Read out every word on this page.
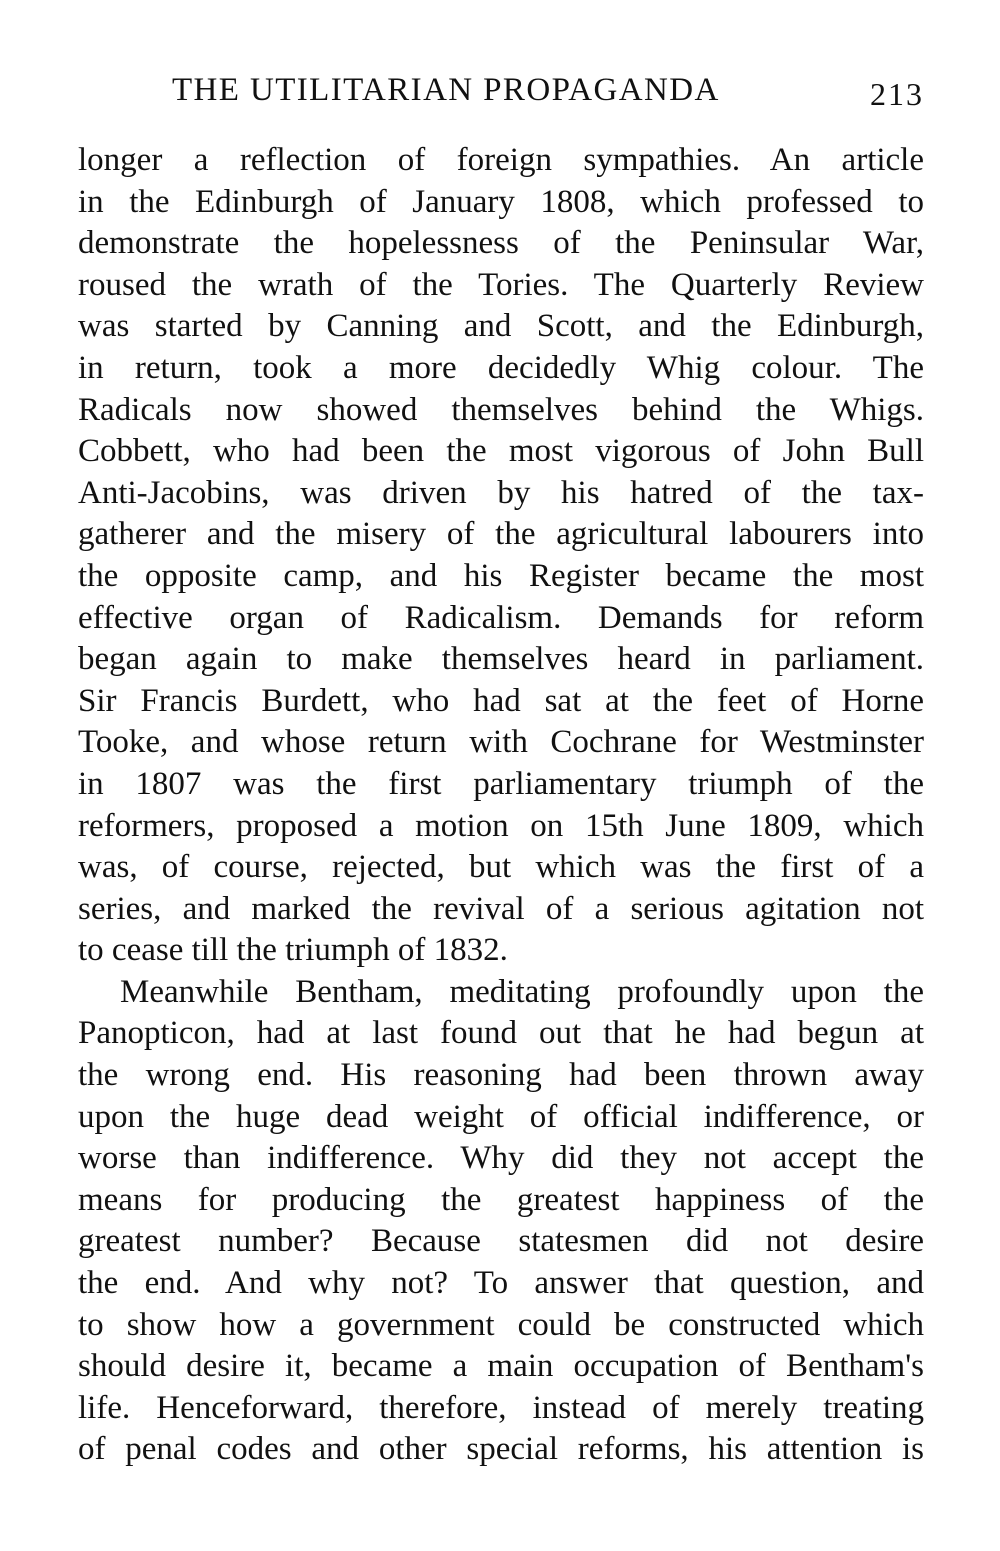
THE UTILITARIAN PROPAGANDA	213
longer a reflection of foreign sympathies. An article
in the Edinburgh of January 1808, which professed to
demonstrate the hopelessness of the Peninsular War,
roused the wrath of the Tories. The Quarterly Review
was started by Canning and Scott, and the Edinburgh,
in return, took a more decidedly Whig colour. The
Radicals now showed themselves behind the Whigs.
Cobbett, who had been the most vigorous of John Bull
Anti-Jacobins, was driven by his hatred of the tax-
gatherer and the misery of the agricultural labourers into
the opposite camp, and his Register became the most
effective organ of Radicalism. Demands for reform
began again to make themselves heard in parliament.
Sir Francis Burdett, who had sat at the feet of Horne
Tooke, and whose return with Cochrane for Westminster
in 1807 was the first parliamentary triumph of the
reformers, proposed a motion on 15th June 1809, which
was, of course, rejected, but which was the first of a
series, and marked the revival of a serious agitation not
to cease till the triumph of 1832.
Meanwhile Bentham, meditating profoundly upon the
Panopticon, had at last found out that he had begun at
the wrong end. His reasoning had been thrown away
upon the huge dead weight of official indifference, or
worse than indifference. Why did they not accept the
means for producing the greatest happiness of the
greatest number? Because statesmen did not desire
the end. And why not? To answer that question, and
to show how a government could be constructed which
should desire it, became a main occupation of Bentham's
life. Henceforward, therefore, instead of merely treating
of penal codes and other special reforms, his attention is
